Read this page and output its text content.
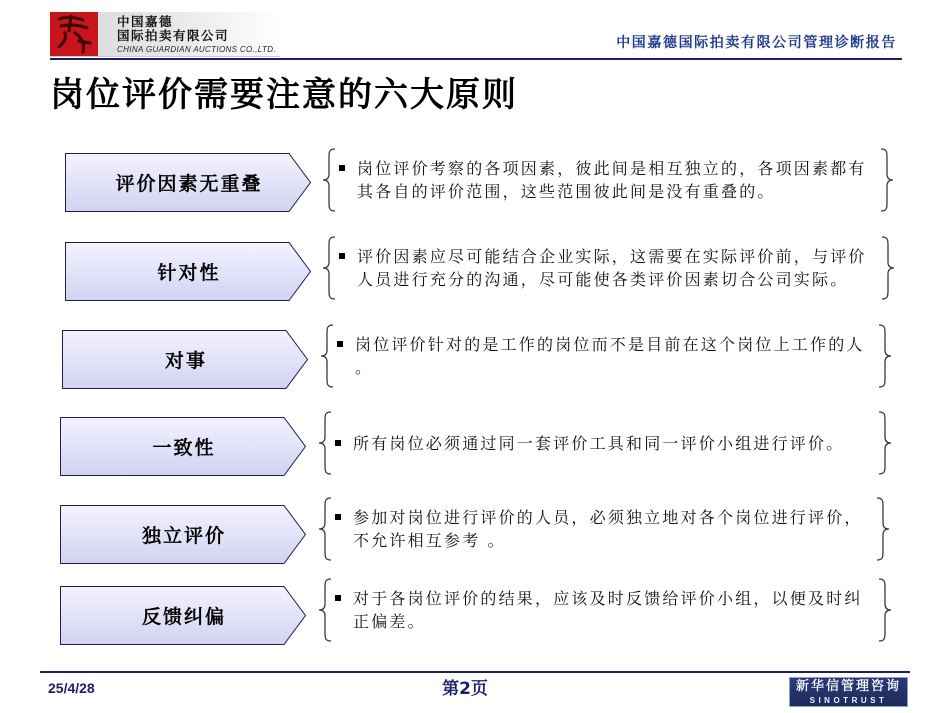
中国嘉德
国际拍卖有限公司
CHINA GUARDIAN AUCTIONS CO.,LTD.	中国嘉德国际拍卖有限公司管理诊断报告
岗位评价需要注意的六大原则
评价因素无重叠
岗位评价考察的各项因素，彼此间是相互独立的，各项因素都有
其各自的评价范围，这些范围彼此间是没有重叠的。
针对性
评价因素应尽可能结合企业实际，这需要在实际评价前，与评价
人员进行充分的沟通，尽可能使各类评价因素切合公司实际。
对事
岗位评价针对的是工作的岗位而不是目前在这个岗位上工作的人
。
一致性	所有岗位必须通过同一套评价工具和同一评价小组进行评价。
独立评价
参加对岗位进行评价的人员，必须独立地对各个岗位进行评价，
不允许相互参考 。
反馈纠偏
对于各岗位评价的结果，应该及时反馈给评价小组，以便及时纠
正偏差。
25/4/28	第2页	新华信管理咨询
SINOTRUST
